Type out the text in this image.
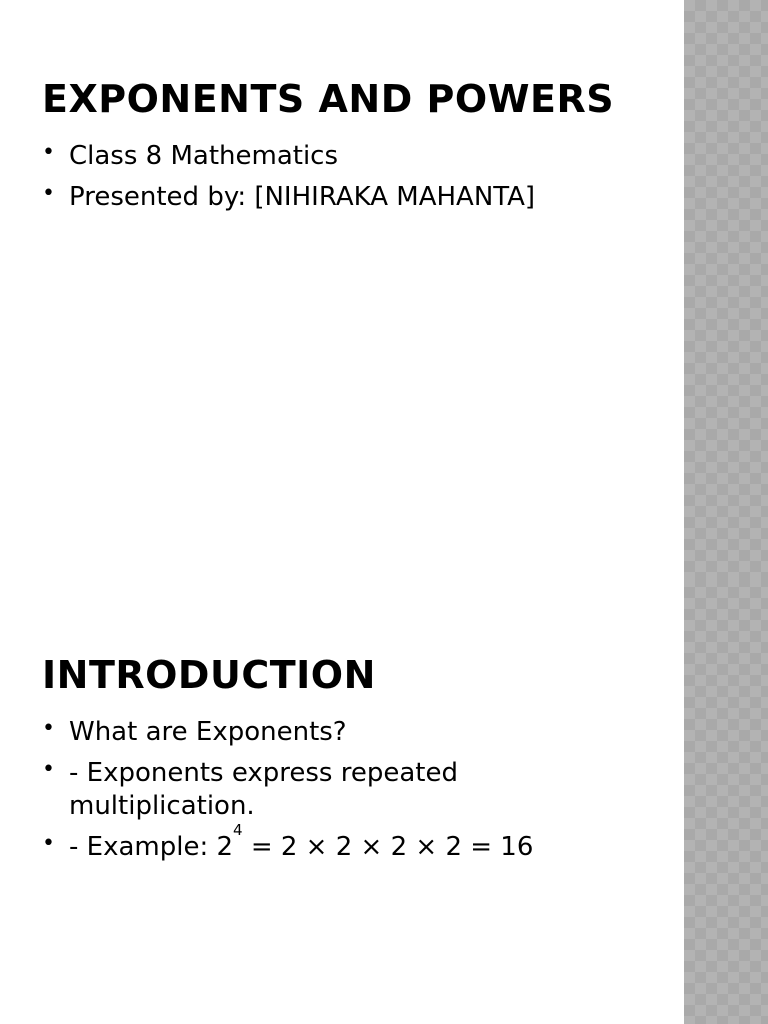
EXPONENTS AND POWERS
• Class 8 Mathematics
• Presented by: [NIHIRAKA MAHANTA]
INTRODUCTION
• What are Exponents?
• - Exponents express repeated multiplication.
• - Example: $2^4 = 2 \times 2 \times 2 \times 2 = 16$
